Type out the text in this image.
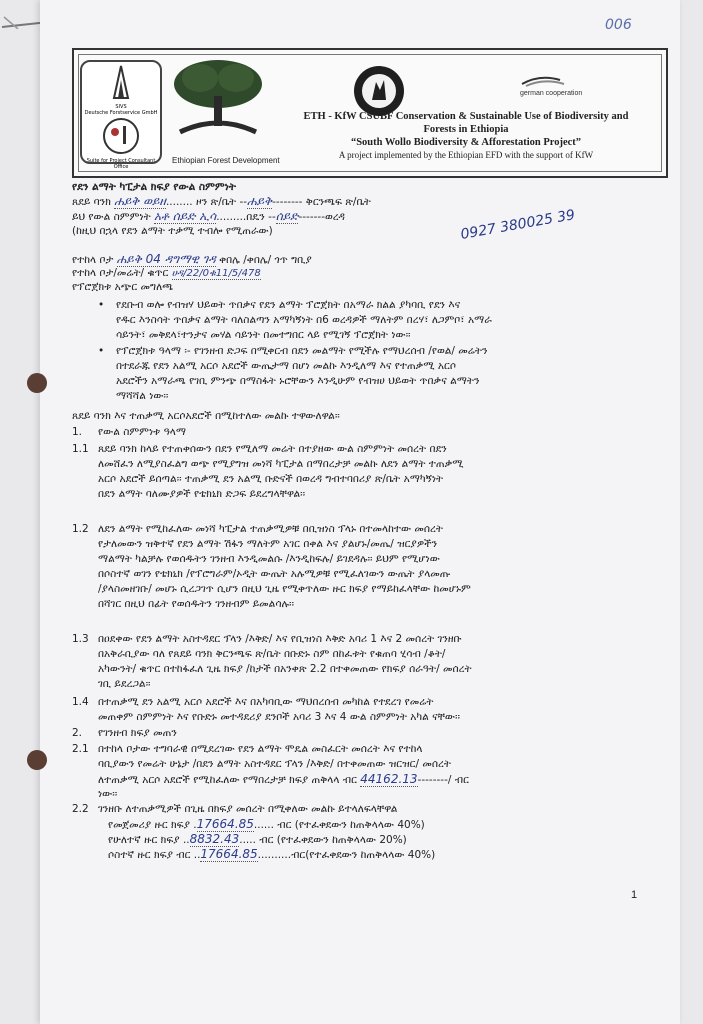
006
SIVS
Deutsche Forstservice GmbH
Suite for Project Consultant Office
Ethiopian Forest Development
german cooperation
ETH - KfW CSUBF Conservation & Sustainable Use of Biodiversity and
Forests in Ethiopia
“South Wollo Biodiversity & Afforestation Project”
A project implemented by the Ethiopian EFD with the support of KfW
የደን ልማት ካፒታል ክፍያ የውል ስምምነት
ጸደይ ባንክ ሐይቅ ወይዘ........ ዞን ጽ/ቤት --ሐይቅ-------- ቅርንጫፍ ጽ/ቤት
ይህ የውል ስምምነት አቶ ሰይድ ኢሳ.........በዴን --ሰይድ-------ወረዳ
(ከዚህ በኋላ የደን ልማት ተቃሚ ተብሎ የሚጠራው)	0927 380025 39
የተከላ ቦታ ሐይቅ 04 ዳግማዊ ገዳ ቀበሌ /ቀበሌ/ ጎጥ ግቢያ
የተከላ ቦታ/መሬት/ ቁጥር ሀዳ/22/0ቁ11/5/478
የፕሮጀክቱ አጭር መግለጫ
• የደቡብ ወሎ የብዝሃ ህይወት ጥበቃና የደን ልማት ፕሮጀክት በአማራ ክልል ያካባቢ የደን እና
የዱር እንስሳት ጥበቃና ልማት ባለስልጣን አማካኝነት በ6 ወረዳዎች ማለትም በረሃ፣ ለጋምቦ፣ አማራ
ሳይንት፣ መቅደላ፣ተንታና መሃል ሳይንት በመተግበር ላይ የሚገኝ ፕሮጀክት ነው፡፡
• የፕሮጀክቱ ዓላማ ፡- የገንዘብ ድጋፍ በሚቀርብ በደን መልማት የሚችሉ የማህረሰብ /የወል/ መሬትን
በተደራጁ የደን አልሚ አርሶ አደሮች ውጤታማ በሆነ መልኩ እንዲለማ እና የተጠቃሚ አርሶ
አደሮችን አማራጫ የገቢ ምንጭ በማስፋት ኑሮቸውን እንዲሁም የብዝሀ ህይወት ጥበቃና ልማትን
ማሻሻል ነው፡፡
ጸደይ ባንክ እና ተጠቃሚ አርሶአደሮች በሚከተለው መልኩ ተዋውለዋል፡፡
1. የውል ስምምነቱ ዓላማ
1.1 ጸደይ ባንክ ከላይ የተጠቀሰውን በደን የሚለማ መሬት በተያዘው ውል ስምምነት መሰረት በደን
ለመሸፈን ለሚያስፈልግ ወጭ የሚያግዝ መነሻ ካፒታል በማበረታቻ መልኩ ለደን ልማት ተጠቃሚ
አርሶ አደሮች ይሰጣል፡፡ ተጠቃሚ ደን አልሚ ቡድናች በወረዳ ግብተባበሪያ ጽ/ቤት አማካኝነት
በደን ልማት ባለሙያዎች የቴክኒክ ድጋፍ ይደረግላቸዋል፡፡
1.2 ለደን ልማት የሚከፈለው መነሻ ካፒታል ተጠቃሚዎቹ በቢዝነስ ፕላኑ በተመላከተው መሰረት
የታለመውን ዝቅተኛ የደን ልማት ሽፋን ማለትም አገር በቀል እና ያልሆኑ/መጤ/ ዝርያዎችን
ማልማት ካልቻሉ የወሰዱትን ገንዘብ እንዲመልሱ /እንዲከፍሉ/ ይገደዳሉ፡፡ ይህም የሚሆነው
በሶስተኛ ወገን የቴክኒክ /የፕሮግራም/ኦዲት ውጤት አሉሚዎቹ የሚፈለገውን ውጤት ያላመጡ
/ያላስመዘገቡ/ መሆኑ ሲረጋገጥ ሲሆን በዚህ ጊዜ የሚቀጥለው ዙር ክፍያ የማይከፈላቸው ከመሆኑም
በሻገር በዚህ በፊት የወሰዱትን ገንዘብም ይመልሳሉ፡፡
1.3 በዐደቀው የደን ልማት አስተዳደር ፕላን /እቅድ/ እና የቢዝነስ እቅድ አባሪ 1 እና 2 መሰረት ገንዘቡ
በአቅራቢያው ባለ የጸደይ ባንክ ቅርንጫፍ ጽ/ቤት በቡድኑ ስም በከፈቱት የቁጠባ ሂሳብ /ቆት/
አካውንት/ ቁጥር በተከፋፈለ ጊዜ ክፍያ /ከታች በአንቀጽ 2.2 በተቀመጠው የክፍያ ሰራዓት/ መሰረት
ገቢ ይደረጋል፡፡
1.4 በተጠቃሚ ደን አልሚ አርሶ አደሮች እና በአካባቢው ማህበረሰብ መካከል የተደረገ የመሬት
መጠቀም ስምምነት እና የቡድኑ መተዳደሪያ ደንቦች አባሪ 3 እና 4 ውል ስምምነት አካል ናቸው፡፡
2. የገንዘብ ክፍያ መጠን
2.1 በተከላ ቦታው ተግባራዊ በሚደረገው የደን ልማት ሞዴል መስፈርት መሰረት እና የተከላ
ባቢያውን የመሬት ሁኔታ /በደን ልማት አስተዳደር ፕላን /እቅድ/ በተቀመጠው ዝርዝር/ መሰረት
ለተጠቃሚ አርሶ አደሮች የሚከፈለው የማበረታቻ ክፍያ ጠቅላላ ብር 44162.13--------/ ብር
ነው፡፡
2.2 ገንዘቡ ለተጠቃሚዎች በጊዜ በክፍያ መሰረት በሚቀለው መልኩ ይተላለፍላቸዋል
የመጀመሪያ ዙር ክፍያ .17664.85...... ብር (የተፈቀደውን ከጠቅላላው 40%)
የሁለተኛ ዙር ክፍያ ..8832.43..... ብር (የተፈቀደውን ከጠቅላላው 20%)
ሶስተኛ ዙር ክፍያ ብር ..17664.85..........ብር(የተፈቀደውን ከጠቅላላው 40%)
1
